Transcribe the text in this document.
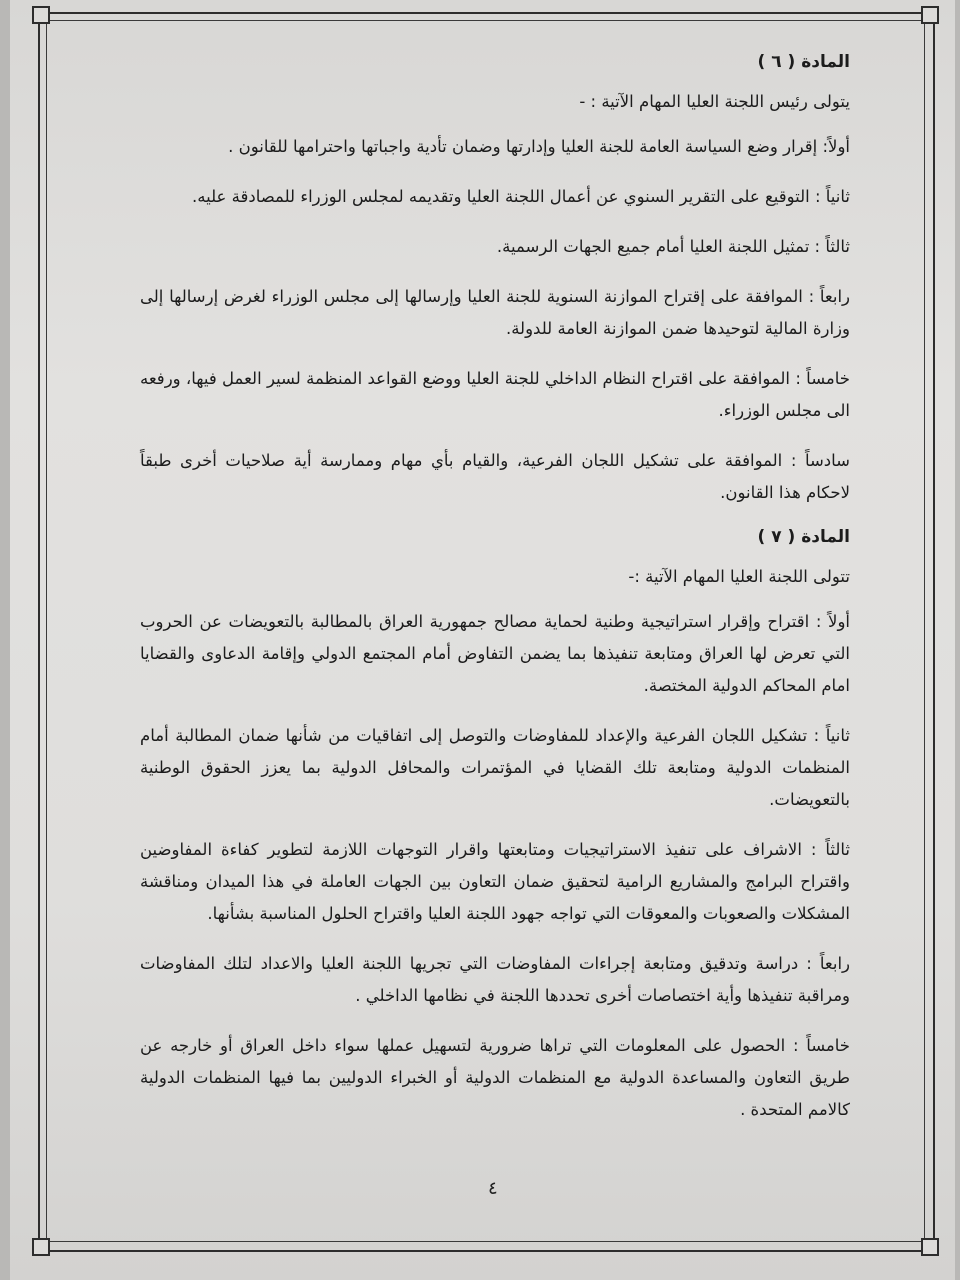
المادة ( ٦ )
يتولى رئيس اللجنة العليا المهام الآتية : -

أولاً: إقرار وضع السياسة العامة للجنة العليا وإدارتها وضمان تأدية واجباتها واحترامها للقانون .

ثانياً : التوقيع على التقرير السنوي عن أعمال اللجنة العليا وتقديمه لمجلس الوزراء للمصادقة عليه.

ثالثاً : تمثيل اللجنة العليا أمام جميع الجهات الرسمية.

رابعاً : الموافقة على إقتراح الموازنة السنوية للجنة العليا وإرسالها إلى مجلس الوزراء لغرض إرسالها إلى وزارة المالية لتوحيدها ضمن الموازنة العامة للدولة.

خامساً : الموافقة على اقتراح النظام الداخلي للجنة العليا ووضع القواعد المنظمة لسير العمل فيها، ورفعه الى مجلس الوزراء.

سادساً : الموافقة على تشكيل اللجان الفرعية، والقيام بأي مهام وممارسة أية صلاحيات أخرى طبقاً لاحكام هذا القانون.

المادة ( ٧ )
تتولى اللجنة العليا المهام الآتية :-

أولاً : اقتراح وإقرار استراتيجية وطنية لحماية مصالح جمهورية العراق بالمطالبة بالتعويضات عن الحروب التي تعرض لها العراق ومتابعة تنفيذها بما يضمن التفاوض أمام المجتمع الدولي وإقامة الدعاوى والقضايا امام المحاكم الدولية المختصة.

ثانياً : تشكيل اللجان الفرعية والإعداد للمفاوضات والتوصل إلى اتفاقيات من شأنها ضمان المطالبة أمام المنظمات الدولية ومتابعة تلك القضايا في المؤتمرات والمحافل الدولية بما يعزز الحقوق الوطنية بالتعويضات.

ثالثاً : الاشراف على تنفيذ الاستراتيجيات ومتابعتها واقرار التوجهات اللازمة لتطوير كفاءة المفاوضين واقتراح البرامج والمشاريع الرامية لتحقيق ضمان التعاون بين الجهات العاملة في هذا الميدان ومناقشة المشكلات والصعوبات والمعوقات التي تواجه جهود اللجنة العليا واقتراح الحلول المناسبة بشأنها.

رابعاً : دراسة وتدقيق ومتابعة إجراءات المفاوضات التي تجريها اللجنة العليا والاعداد لتلك المفاوضات ومراقبة تنفيذها وأية اختصاصات أخرى تحددها اللجنة في نظامها الداخلي .

خامساً : الحصول على المعلومات التي تراها ضرورية لتسهيل عملها سواء داخل العراق أو خارجه عن طريق التعاون والمساعدة الدولية مع المنظمات الدولية أو الخبراء الدوليين بما فيها المنظمات الدولية كالامم المتحدة .

٤
